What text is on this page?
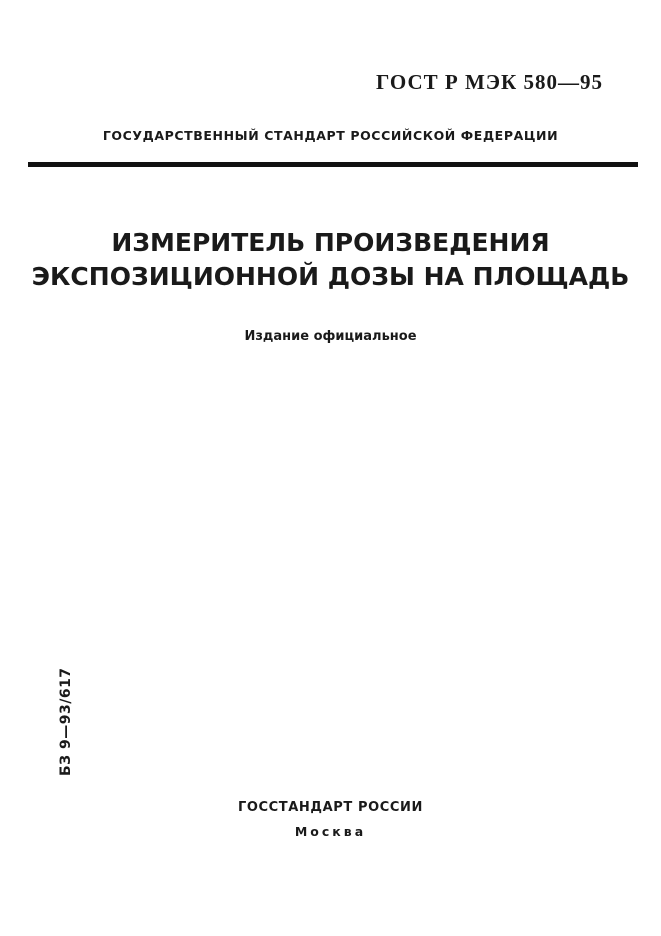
ГОСТ Р МЭК 580—95
ГОСУДАРСТВЕННЫЙ СТАНДАРТ РОССИЙСКОЙ ФЕДЕРАЦИИ
ИЗМЕРИТЕЛЬ ПРОИЗВЕДЕНИЯ
ЭКСПОЗИЦИОННОЙ ДОЗЫ НА ПЛОЩАДЬ
Издание официальное
БЗ 9—93/617
ГОССТАНДАРТ РОССИИ
Москва
